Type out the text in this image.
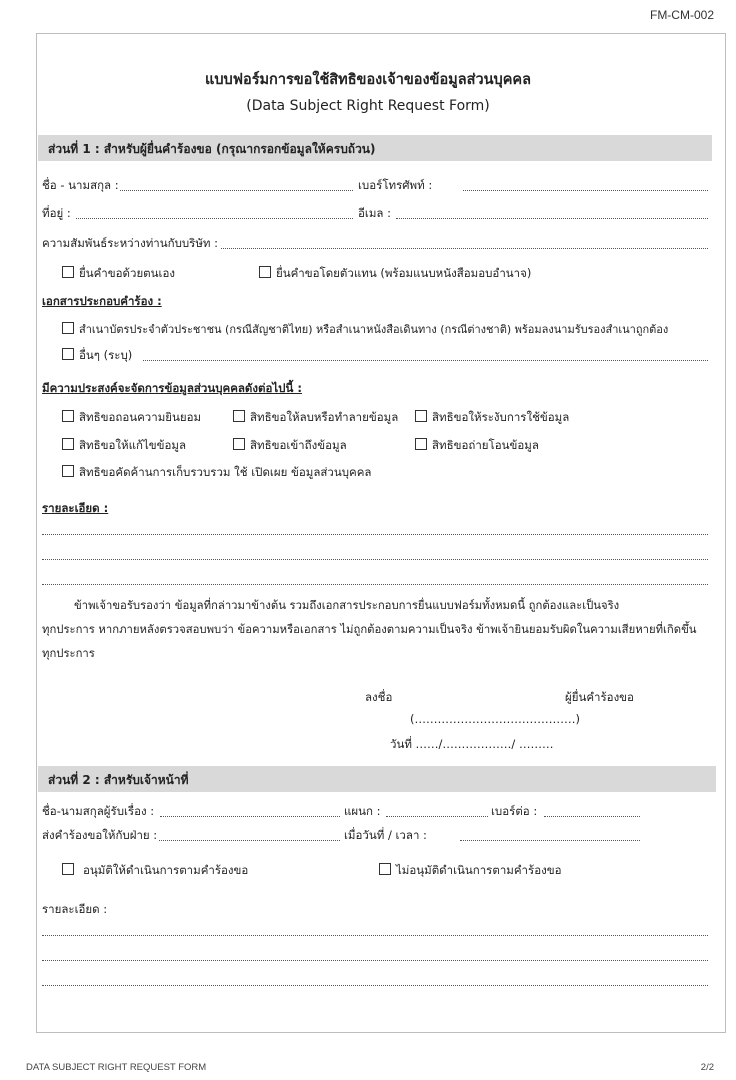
FM-CM-002
แบบฟอร์มการขอใช้สิทธิของเจ้าของข้อมูลส่วนบุคคล
(Data Subject Right Request Form)
ส่วนที่ 1 : สำหรับผู้ยื่นคำร้องขอ (กรุณากรอกข้อมูลให้ครบถ้วน)
ชื่อ - นามสกุล :	เบอร์โทรศัพท์ :
ที่อยู่ :	อีเมล :
ความสัมพันธ์ระหว่างท่านกับบริษัท :
ยื่นคำขอด้วยตนเอง	ยื่นคำขอโดยตัวแทน (พร้อมแนบหนังสือมอบอำนาจ)
เอกสารประกอบคำร้อง :
สำเนาบัตรประจำตัวประชาชน (กรณีสัญชาติไทย) หรือสำเนาหนังสือเดินทาง (กรณีต่างชาติ) พร้อมลงนามรับรองสำเนาถูกต้อง
อื่นๆ (ระบุ)
มีความประสงค์จะจัดการข้อมูลส่วนบุคคลดังต่อไปนี้ :
สิทธิขอถอนความยินยอม	สิทธิขอให้ลบหรือทำลายข้อมูล	สิทธิขอให้ระงับการใช้ข้อมูล
สิทธิขอให้แก้ไขข้อมูล	สิทธิขอเข้าถึงข้อมูล	สิทธิขอถ่ายโอนข้อมูล
สิทธิขอคัดค้านการเก็บรวบรวม ใช้ เปิดเผย ข้อมูลส่วนบุคคล
รายละเอียด :
ข้าพเจ้าขอรับรองว่า ข้อมูลที่กล่าวมาข้างต้น รวมถึงเอกสารประกอบการยื่นแบบฟอร์มทั้งหมดนี้ ถูกต้องและเป็นจริง
ทุกประการ หากภายหลังตรวจสอบพบว่า ข้อความหรือเอกสาร ไม่ถูกต้องตามความเป็นจริง ข้าพเจ้ายินยอมรับผิดในความเสียหายที่เกิดขึ้น
ทุกประการ
ลงชื่อ	ผู้ยื่นคำร้องขอ
(……………………………………)
วันที่ ……/………………/ ………
ส่วนที่ 2 : สำหรับเจ้าหน้าที่
ชื่อ-นามสกุลผู้รับเรื่อง :	แผนก :	เบอร์ต่อ :
ส่งคำร้องขอให้กับฝ่าย :	เมื่อวันที่ / เวลา :
อนุมัติให้ดำเนินการตามคำร้องขอ	ไม่อนุมัติดำเนินการตามคำร้องขอ
รายละเอียด :
DATA SUBJECT RIGHT REQUEST FORM	2/2
